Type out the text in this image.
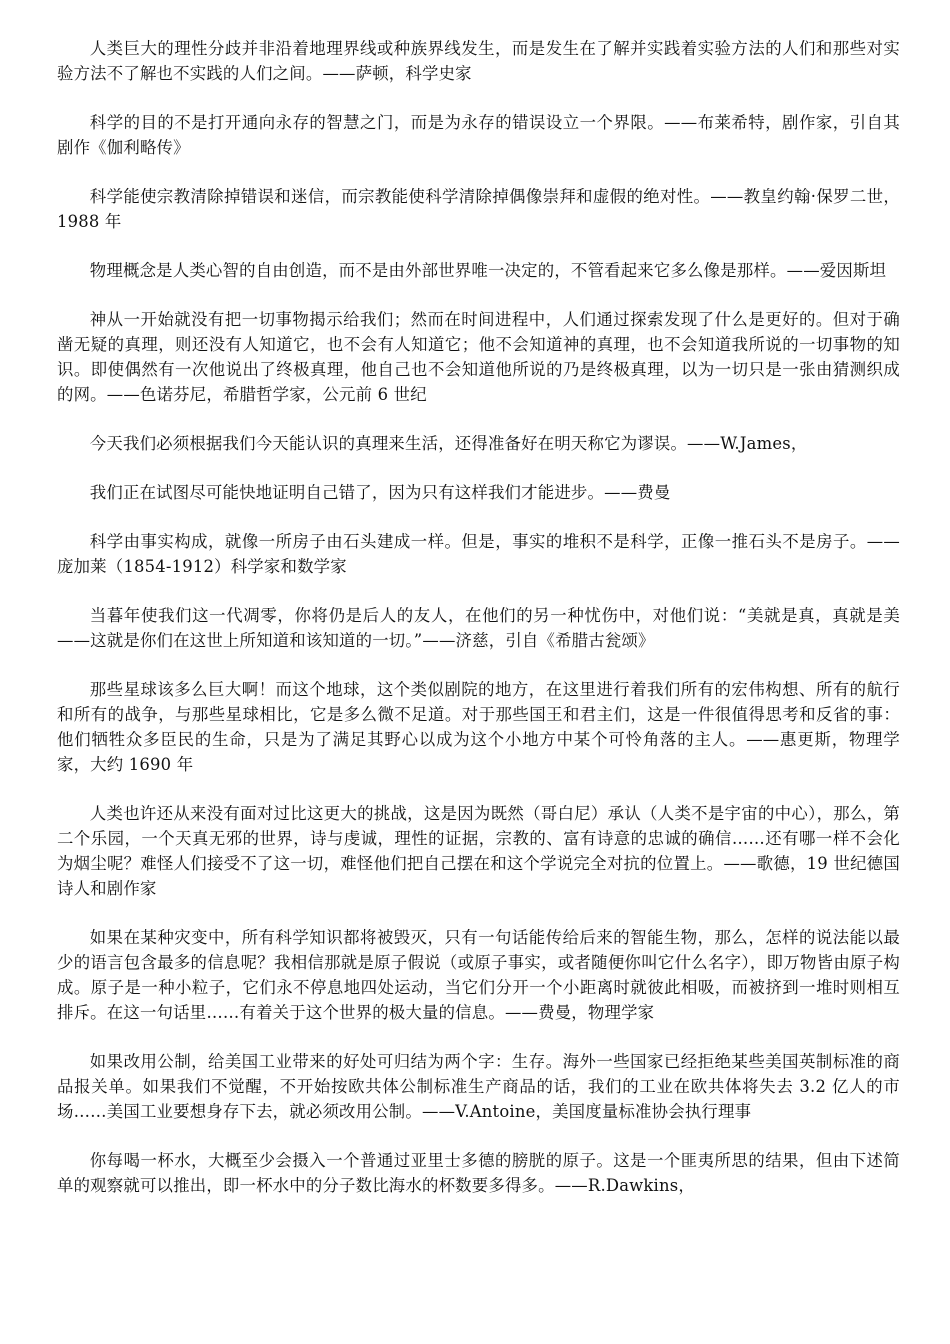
人类巨大的理性分歧并非沿着地理界线或种族界线发生，而是发生在了解并实践着实验方法的人们和那些对实验方法不了解也不实践的人们之间。——萨顿，科学史家

科学的目的不是打开通向永存的智慧之门，而是为永存的错误设立一个界限。——布莱希特，剧作家，引自其剧作《伽利略传》

科学能使宗教清除掉错误和迷信，而宗教能使科学清除掉偶像崇拜和虚假的绝对性。——教皇约翰·保罗二世，1988 年

物理概念是人类心智的自由创造，而不是由外部世界唯一决定的，不管看起来它多么像是那样。——爱因斯坦

神从一开始就没有把一切事物揭示给我们；然而在时间进程中，人们通过探索发现了什么是更好的。但对于确凿无疑的真理，则还没有人知道它，也不会有人知道它；他不会知道神的真理，也不会知道我所说的一切事物的知识。即使偶然有一次他说出了终极真理，他自己也不会知道他所说的乃是终极真理，以为一切只是一张由猜测织成的网。——色诺芬尼，希腊哲学家，公元前 6 世纪

今天我们必须根据我们今天能认识的真理来生活，还得准备好在明天称它为谬误。——W.James，

我们正在试图尽可能快地证明自己错了，因为只有这样我们才能进步。——费曼

科学由事实构成，就像一所房子由石头建成一样。但是，事实的堆积不是科学，正像一推石头不是房子。——庞加莱（1854-1912）科学家和数学家

当暮年使我们这一代凋零，你将仍是后人的友人，在他们的另一种忧伤中，对他们说：“美就是真，真就是美——这就是你们在这世上所知道和该知道的一切。”——济慈，引自《希腊古瓮颂》

那些星球该多么巨大啊！而这个地球，这个类似剧院的地方，在这里进行着我们所有的宏伟构想、所有的航行和所有的战争，与那些星球相比，它是多么微不足道。对于那些国王和君主们，这是一件很值得思考和反省的事：他们牺牲众多臣民的生命，只是为了满足其野心以成为这个小地方中某个可怜角落的主人。——惠更斯，物理学家，大约 1690 年

人类也许还从来没有面对过比这更大的挑战，这是因为既然（哥白尼）承认（人类不是宇宙的中心），那么，第二个乐园，一个天真无邪的世界，诗与虔诚，理性的证据，宗教的、富有诗意的忠诚的确信……还有哪一样不会化为烟尘呢？难怪人们接受不了这一切，难怪他们把自己摆在和这个学说完全对抗的位置上。——歌德，19 世纪德国诗人和剧作家

如果在某种灾变中，所有科学知识都将被毁灭，只有一句话能传给后来的智能生物，那么，怎样的说法能以最少的语言包含最多的信息呢？我相信那就是原子假说（或原子事实，或者随便你叫它什么名字），即万物皆由原子构成。原子是一种小粒子，它们永不停息地四处运动，当它们分开一个小距离时就彼此相吸，而被挤到一堆时则相互排斥。在这一句话里……有着关于这个世界的极大量的信息。——费曼，物理学家

如果改用公制，给美国工业带来的好处可归结为两个字：生存。海外一些国家已经拒绝某些美国英制标准的商品报关单。如果我们不觉醒，不开始按欧共体公制标准生产商品的话，我们的工业在欧共体将失去 3.2 亿人的市场……美国工业要想身存下去，就必须改用公制。——V.Antoine，美国度量标准协会执行理事

你每喝一杯水，大概至少会摄入一个普通过亚里士多德的膀胱的原子。这是一个匪夷所思的结果，但由下述简单的观察就可以推出，即一杯水中的分子数比海水的杯数要多得多。——R.Dawkins，
